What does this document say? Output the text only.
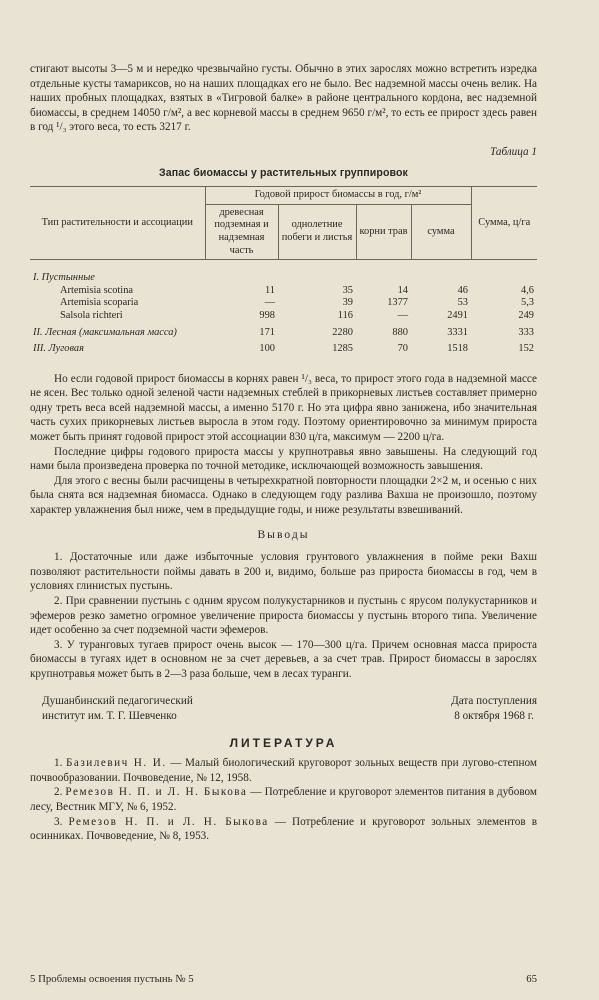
стигают высоты 3—5 м и нередко чрезвычайно густы. Обычно в этих зарослях можно встретить изредка отдельные кусты тамариксов, но на наших площадках его не было. Вес надземной массы очень велик. На наших пробных площадках, взятых в «Тигровой балке» в районе центрального кордона, вес надземной биомассы, в среднем 14050 г/м², а вес корневой массы в среднем 9650 г/м², то есть ее прирост здесь равен в год ¹/₃ этого веса, то есть 3217 г.

Таблица 1
Запас биомассы у растительных группировок
Тип растительности и ассоциации	Годовой прирост биомассы в год, г/м²				Сумма, ц/га
	древесная подземная и надземная часть	однолетние побеги и листья	корни трав	сумма	

I. Пустынные					
Artemisia scotina	11	35	14	46	4,6
Artemisia scoparia	—	39	1377	53	5,3
Salsola richteri	998	116	—	2491	249
II. Лесная (максимальная масса)	171	2280	880	3331	333
III. Луговая	100	1285	70	1518	152

Но если годовой прирост биомассы в корнях равен ¹/₃ веса, то прирост этого года в надземной массе не ясен. Вес только одной зеленой части надземных стеблей в прикорневых листьев составляет примерно одну треть веса всей надземной массы, а именно 5170 г. Но эта цифра явно занижена, ибо значительная часть сухих прикорневых листьев выросла в этом году. Поэтому ориентировочно за минимум прироста может быть принят годовой прирост этой ассоциации 830 ц/га, максимум — 2200 ц/га.

Последние цифры годового прироста массы у крупнотравья явно завышены. На следующий год нами была произведена проверка по точной методике, исключающей возможность завышения.

Для этого с весны были расчищены в четырехкратной повторности площадки 2×2 м, и осенью с них была снята вся надземная биомасса. Однако в следующем году разлива Вахша не произошло, поэтому характер увлажнения был ниже, чем в предыдущие годы, и ниже результаты взвешиваний.

Выводы

1. Достаточные или даже избыточные условия грунтового увлажнения в пойме реки Вахш позволяют растительности поймы давать в 200 и, видимо, больше раз прироста биомассы в год, чем в условиях глинистых пустынь.

2. При сравнении пустынь с одним ярусом полукустарников и пустынь с ярусом полукустарников и эфемеров резко заметно огромное увеличение прироста биомассы у пустынь второго типа. Увеличение идет особенно за счет подземной части эфемеров.

3. У туранговых тугаев прирост очень высок — 170—300 ц/га. Причем основная масса прироста биомассы в тугаях идет в основном не за счет деревьев, а за счет трав. Прирост биомассы в зарослях крупнотравья может быть в 2—3 раза больше, чем в лесах туранги.

Душанбинский педагогический
институт им. Т. Г. Шевченко
Дата поступления
8 октября 1968 г.
ЛИТЕРАТУРА

1. Базилевич Н. И. — Малый биологический круговорот зольных веществ при лугово-степном почвообразовании. Почвоведение, № 12, 1958.

2. Ремезов Н. П. и Л. Н. Быкова — Потребление и круговорот элементов питания в дубовом лесу, Вестник МГУ, № 6, 1952.

3. Ремезов Н. П. и Л. Н. Быкова — Потребление и круговорот зольных элементов в осинниках. Почвоведение, № 8, 1953.

5 Проблемы освоения пустынь № 5	65
